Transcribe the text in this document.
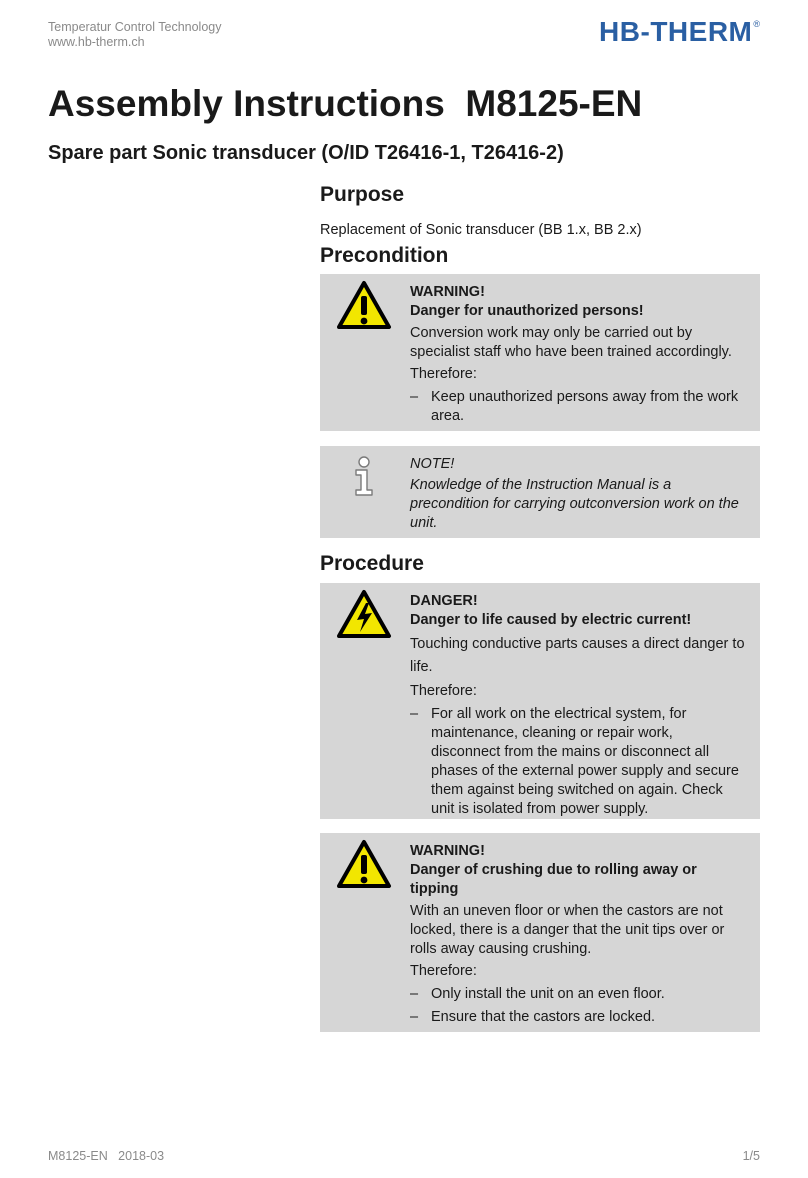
Temperatur Control Technology
www.hb-therm.ch	HB-THERM ®
Assembly Instructions  M8125-EN
Spare part Sonic transducer (O/ID T26416-1, T26416-2)
Purpose

Replacement of Sonic transducer (BB 1.x, BB 2.x)

Precondition
WARNING!
Danger for unauthorized persons!
Conversion work may only be carried out by specialist staff who have been trained accordingly.
Therefore:
– Keep unauthorized persons away from the work area.
NOTE!
Knowledge of the Instruction Manual is a precondition for carrying outconversion work on the unit.
Procedure
DANGER!
Danger to life caused by electric current!
Touching conductive parts causes a direct danger to life.
Therefore:
– For all work on the electrical system, for maintenance, cleaning or repair work, disconnect from the mains or disconnect all phases of the external power supply and secure them against being switched on again. Check unit is isolated from power supply.
WARNING!
Danger of crushing due to rolling away or tipping
With an uneven floor or when the castors are not locked, there is a danger that the unit tips over or rolls away causing crushing.
Therefore:
– Only install the unit on an even floor.
– Ensure that the castors are locked.
M8125-EN   2018-03	1/5
